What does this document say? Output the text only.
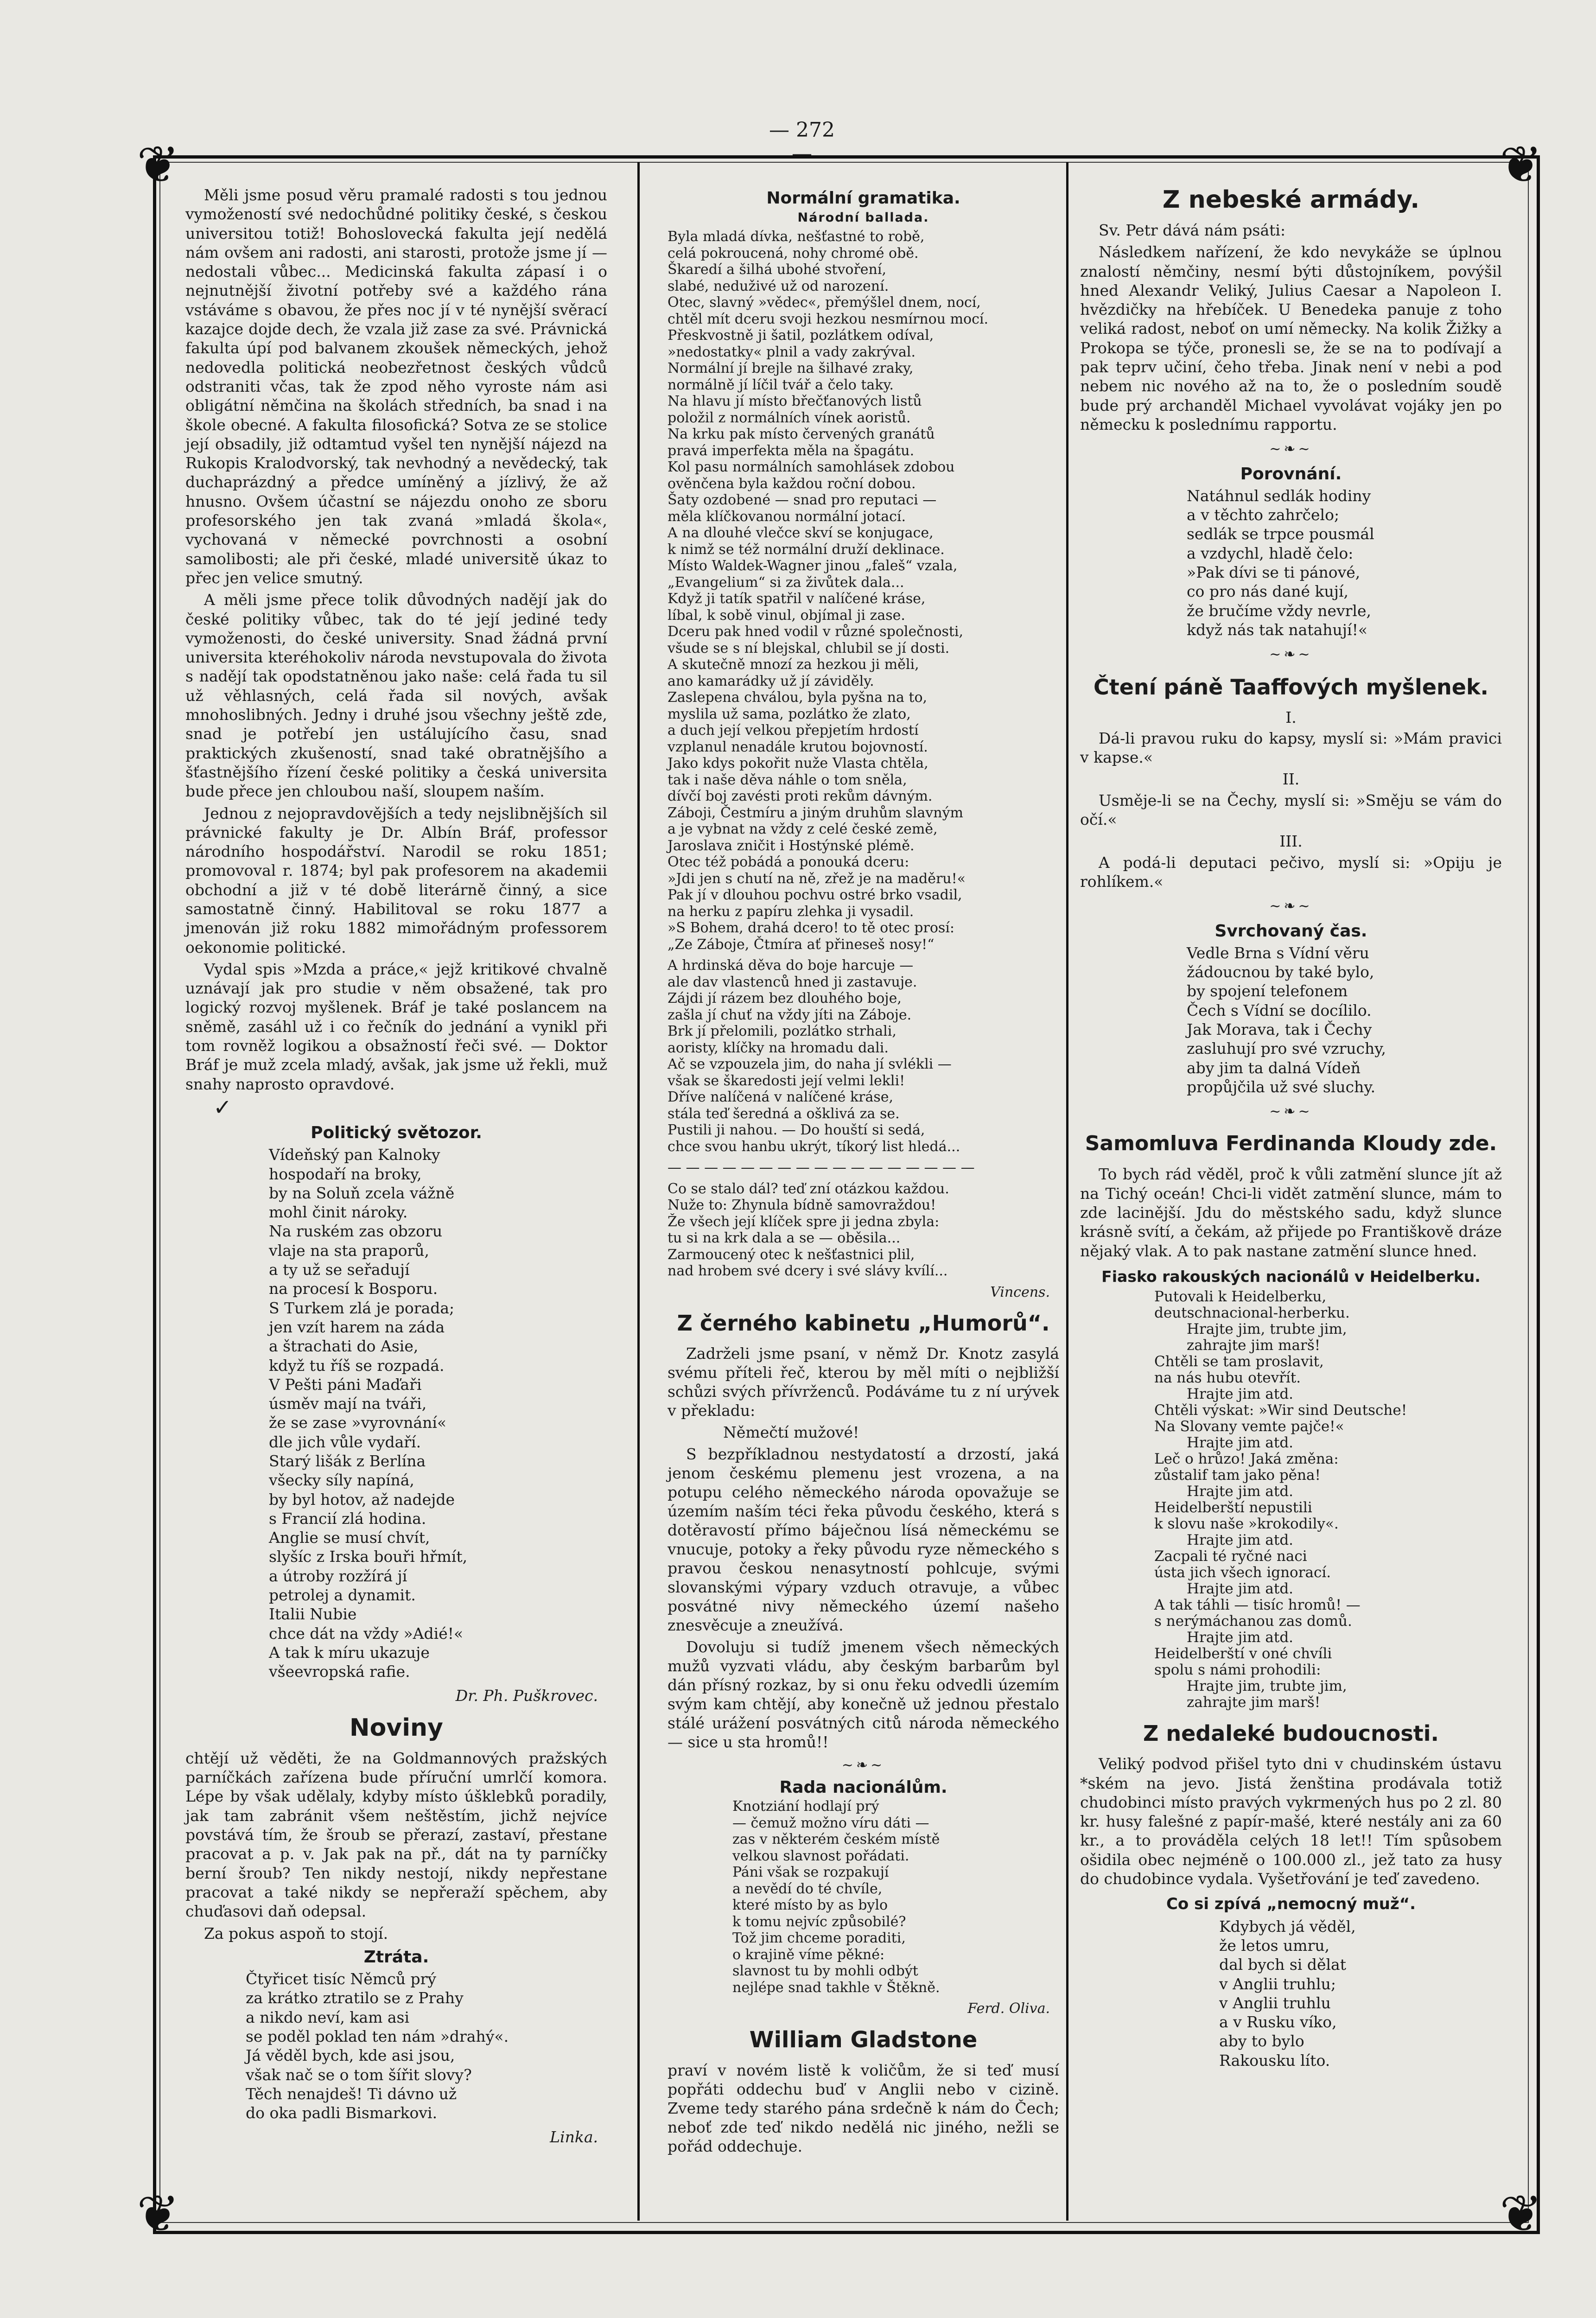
— 272 —
❦	❦
❦	❦

Měli jsme posud věru pramalé radosti s tou jednou vymožeností své nedochůdné politiky české, s českou universitou totiž! Bohoslovecká fakulta její nedělá nám ovšem ani radosti, ani starosti, protože jsme jí — nedostali vůbec... Medicinská fakulta zápasí i o nejnutnější životní potřeby své a každého rána vstáváme s obavou, že přes noc jí v té nynější svěrací kazajce dojde dech, že vzala již zase za své. Právnická fakulta úpí pod balvanem zkoušek německých, jehož nedovedla politická neobezřetnost českých vůdců odstraniti včas, tak že zpod něho vyroste nám asi obligátní němčina na školách středních, ba snad i na škole obecné. A fakulta filosofická? Sotva ze se stolice její obsadily, již odtamtud vyšel ten nynější nájezd na Rukopis Kralodvorský, tak nevhodný a nevědecký, tak duchaprázdný a předce umíněný a jízlivý, že až hnusno. Ovšem účastní se nájezdu onoho ze sboru profesorského jen tak zvaná »mladá škola«, vychovaná v německé povrchnosti a osobní samolibosti; ale při české, mladé universitě úkaz to přec jen velice smutný.

A měli jsme přece tolik důvodných nadějí jak do české politiky vůbec, tak do té její jediné tedy vymoženosti, do české university. Snad žádná první universita kteréhokoliv národa nevstupovala do života s nadějí tak opodstatněnou jako naše: celá řada tu sil už věhlasných, celá řada sil nových, avšak mnohoslibných. Jedny i druhé jsou všechny ještě zde, snad je potřebí jen ustálujícího času, snad praktických zkušeností, snad také obratnějšího a šťastnějšího řízení české politiky a česká universita bude přece jen chloubou naší, sloupem naším.

Jednou z nejopravdovějších a tedy nejslibnějších sil právnické fakulty je Dr. Albín Bráf, professor národního hospodářství. Narodil se roku 1851; promovoval r. 1874; byl pak profesorem na akademii obchodní a již v té době literárně činný, a sice samostatně činný. Habilitoval se roku 1877 a jmenován již roku 1882 mimořádným professorem oekonomie politické.

Vydal spis »Mzda a práce,« jejž kritikové chvalně uznávají jak pro studie v něm obsažené, tak pro logický rozvoj myšlenek. Bráf je také poslancem na sněmě, zasáhl už i co řečník do jednání a vynikl při tom rovněž logikou a obsažností řeči své. — Doktor Bráf je muž zcela mladý, avšak, jak jsme už řekli, muž snahy naprosto opravdové.

✓
Politický světozor.
Vídeňský pan Kalnoky
hospodaří na broky,
by na Soluň zcela vážně
mohl činit nároky.
Na ruském zas obzoru
vlaje na sta praporů,
a ty už se seřadují
na procesí k Bosporu.
S Turkem zlá je porada;
jen vzít harem na záda
a štrachati do Asie,
když tu říš se rozpadá.
V Pešti páni Maďaři
úsměv mají na tváři,
že se zase »vyrovnání«
dle jich vůle vydaří.
Starý lišák z Berlína
všecky síly napíná,
by byl hotov, až nadejde
s Francií zlá hodina.
Anglie se musí chvít,
slyšíc z Irska bouři hřmít,
a útroby rozžírá jí
petrolej a dynamit.
Italii Nubie
chce dát na vždy »Adié!«
A tak k míru ukazuje
všeevropská rafie.
Dr. Ph. Puškrovec.
Noviny

chtějí už věděti, že na Goldmannových pražských parníčkách zařízena bude příruční umrlčí komora. Lépe by však udělaly, kdyby místo úšklebků poradily, jak tam zabránit všem neštěstím, jichž nejvíce povstává tím, že šroub se přerazí, zastaví, přestane pracovat a p. v. Jak pak na př., dát na ty parníčky berní šroub? Ten nikdy nestojí, nikdy nepřestane pracovat a také nikdy se nepřeraží spěchem, aby chuďasovi daň odepsal.

Za pokus aspoň to stojí.

Ztráta.
Čtyřicet tisíc Němců prý
za krátko ztratilo se z Prahy
a nikdo neví, kam asi
se poděl poklad ten nám »drahý«.
Já věděl bych, kde asi jsou,
však nač se o tom šířit slovy?
Těch nenajdeš! Ti dávno už
do oka padli Bismarkovi.
Linka.
Normální gramatika.
Národní ballada.
Byla mladá dívka, nešťastné to robě,
celá pokroucená, nohy chromé obě.
Škaredí a šilhá ubohé stvoření,
slabé, neduživé už od narození.
Otec, slavný »vědec«, přemýšlel dnem, nocí,
chtěl mít dceru svoji hezkou nesmírnou mocí.
Přeskvostně ji šatil, pozlátkem odíval,
»nedostatky« plnil a vady zakrýval.
Normální jí brejle na šilhavé zraky,
normálně jí líčil tvář a čelo taky.
Na hlavu jí místo břečťanových listů
položil z normálních vínek aoristů.
Na krku pak místo červených granátů
pravá imperfekta měla na špagátu.
Kol pasu normálních samohlásek zdobou
ověnčena byla každou roční dobou.
Šaty ozdobené — snad pro reputaci —
měla klíčkovanou normální jotací.
A na dlouhé vlečce skví se konjugace,
k nimž se též normální druží deklinace.
Místo Waldek-Wagner jinou „faleš“ vzala,
„Evangelium“ si za živůtek dala...
Když ji tatík spatřil v nalíčené kráse,
líbal, k sobě vinul, objímal ji zase.
Dceru pak hned vodil v různé společnosti,
všude se s ní blejskal, chlubil se jí dosti.
A skutečně mnozí za hezkou ji měli,
ano kamarádky už jí záviděly.
Zaslepena chválou, byla pyšna na to,
myslila už sama, pozlátko že zlato,
a duch její velkou přepjetím hrdostí
vzplanul nenadále krutou bojovností.
Jako kdys pokořit nuže Vlasta chtěla,
tak i naše děva náhle o tom sněla,
dívčí boj zavésti proti rekům dávným.
Záboji, Čestmíru a jiným druhům slavným
a je vybnat na vždy z celé české země,
Jaroslava zničit i Hostýnské plémě.
Otec též pobádá a ponouká dceru:
»Jdi jen s chutí na ně, zřež je na maděru!«
Pak jí v dlouhou pochvu ostré brko vsadil,
na herku z papíru zlehka ji vysadil.
»S Bohem, drahá dcero! to tě otec prosí:
„Ze Záboje, Čtmíra ať přineseš nosy!“
A hrdinská děva do boje harcuje —
ale dav vlastenců hned ji zastavuje.
Zájdi jí rázem bez dlouhého boje,
zašla jí chuť na vždy jíti na Záboje.
Brk jí přelomili, pozlátko strhali,
aoristy, klíčky na hromadu dali.
Ač se vzpouzela jim, do naha jí svlékli —
však se škaredosti její velmi lekli!
Dříve nalíčená v nalíčené kráse,
stála teď šeredná a ošklivá za se.
Pustili ji nahou. — Do houští si sedá,
chce svou hanbu ukrýt, tíkorý list hledá...
— — — — — — — — — — — — — — — — —
Co se stalo dál? teď zní otázkou každou.
Nuže to: Zhynula bídně samovraždou!
Že všech její klíček spre ji jedna zbyla:
tu si na krk dala a se — oběsila...
Zarmoucený otec k nešťastnici plil,
nad hrobem své dcery i své slávy kvílí...
Vincens.
Z černého kabinetu „Humorů“.

Zadrželi jsme psaní, v němž Dr. Knotz zasylá svému příteli řeč, kterou by měl míti o nejbližší schůzi svých přívrženců. Podáváme tu z ní urývek v překladu:

Němečtí mužové!

S bezpříkladnou nestydatostí a drzostí, jaká jenom českému plemenu jest vrozena, a na potupu celého německého národa opovažuje se územím naším téci řeka původu českého, která s dotěravostí přímo báječnou lísá německému se vnucuje, potoky a řeky původu ryze německého s pravou českou nenasytností pohlcuje, svými slovanskými výpary vzduch otravuje, a vůbec posvátné nivy německého území našeho znesvěcuje a zneužívá.

Dovoluju si tudíž jmenem všech německých mužů vyzvati vládu, aby českým barbarům byl dán přísný rozkaz, by si onu řeku odvedli územím svým kam chtějí, aby konečně už jednou přestalo stálé urážení posvátných citů národa německého — sice u sta hromů!!

~❧~
Rada nacionálům.
Knotziání hodlají prý
— čemuž možno víru dáti —
zas v některém českém místě
velkou slavnost pořádati.
Páni však se rozpakují
a nevědí do té chvíle,
které místo by as bylo
k tomu nejvíc způsobilé?
Tož jim chceme poraditi,
o krajině víme pěkné:
slavnost tu by mohli odbýt
nejlépe snad takhle v Štěkně.
Ferd. Oliva.
William Gladstone

praví v novém listě k voličům, že si teď musí popřáti oddechu buď v Anglii nebo v cizině. Zveme tedy starého pána srdečně k nám do Čech; neboť zde teď nikdo nedělá nic jiného, nežli se pořád oddechuje.

Z nebeské armády.

Sv. Petr dává nám psáti:

Následkem nařízení, že kdo nevykáže se úplnou znalostí němčiny, nesmí býti důstojníkem, povýšil hned Alexandr Veliký, Julius Caesar a Napoleon I. hvězdičky na hřebíček. U Benedeka panuje z toho veliká radost, neboť on umí německy. Na kolik Žižky a Prokopa se týče, pronesli se, že se na to podívají a pak teprv učiní, čeho třeba. Jinak není v nebi a pod nebem nic nového až na to, že o posledním soudě bude prý archanděl Michael vyvolávat vojáky jen po německu k poslednímu rapportu.

~❧~
Porovnání.
Natáhnul sedlák hodiny
a v těchto zahrčelo;
sedlák se trpce pousmál
a vzdychl, hladě čelo:
»Pak dívi se ti pánové,
co pro nás dané kují,
že bručíme vždy nevrle,
když nás tak natahují!«
~❧~
Čtení páně Taaffových myšlenek.
I.

Dá-li pravou ruku do kapsy, myslí si: »Mám pravici v kapse.«

II.

Usměje-li se na Čechy, myslí si: »Směju se vám do očí.«

III.

A podá-li deputaci pečivo, myslí si: »Opiju je rohlíkem.«

~❧~
Svrchovaný čas.
Vedle Brna s Vídní věru
žádoucnou by také bylo,
by spojení telefonem
Čech s Vídní se docílilo.
Jak Morava, tak i Čechy
zasluhují pro své vzruchy,
aby jim ta dalná Vídeň
propůjčila už své sluchy.
~❧~
Samomluva Ferdinanda Kloudy zde.

To bych rád věděl, proč k vůli zatmění slunce jít až na Tichý oceán! Chci-li vidět zatmění slunce, mám to zde lacinější. Jdu do městského sadu, když slunce krásně svítí, a čekám, až přijede po Františkově dráze nějaký vlak. A to pak nastane zatmění slunce hned.

Fiasko rakouských nacionálů v Heidelberku.
Putovali k Heidelberku,
deutschnacional-herberku.
Hrajte jim, trubte jim,
zahrajte jim marš!
Chtěli se tam proslavit,
na nás hubu otevřít.
Hrajte jim atd.
Chtěli výskat: »Wir sind Deutsche!
Na Slovany vemte pajče!«
Hrajte jim atd.
Leč o hrůzo! Jaká změna:
zůstalif tam jako pěna!
Hrajte jim atd.
Heidelberští nepustili
k slovu naše »krokodily«.
Hrajte jim atd.
Zacpali té ryčné naci
ústa jich všech ignorací.
Hrajte jim atd.
A tak táhli — tisíc hromů! —
s nerýmáchanou zas domů.
Hrajte jim atd.
Heidelberští v oné chvíli
spolu s námi prohodili:
Hrajte jim, trubte jim,
zahrajte jim marš!
Z nedaleké budoucnosti.

Veliký podvod přišel tyto dni v chudinském ústavu *ském na jevo. Jistá ženština prodávala totiž chudobinci místo pravých vykrmených hus po 2 zl. 80 kr. husy falešné z papír-mašé, které nestály ani za 60 kr., a to prováděla celých 18 let!! Tím spůsobem ošidila obec nejméně o 100.000 zl., jež tato za husy do chudobince vydala. Vyšetřování je teď zavedeno.

Co si zpívá „nemocný muž“.
Kdybych já věděl,
že letos umru,
dal bych si dělat
v Anglii truhlu;
v Anglii truhlu
a v Rusku víko,
aby to bylo
Rakousku líto.
